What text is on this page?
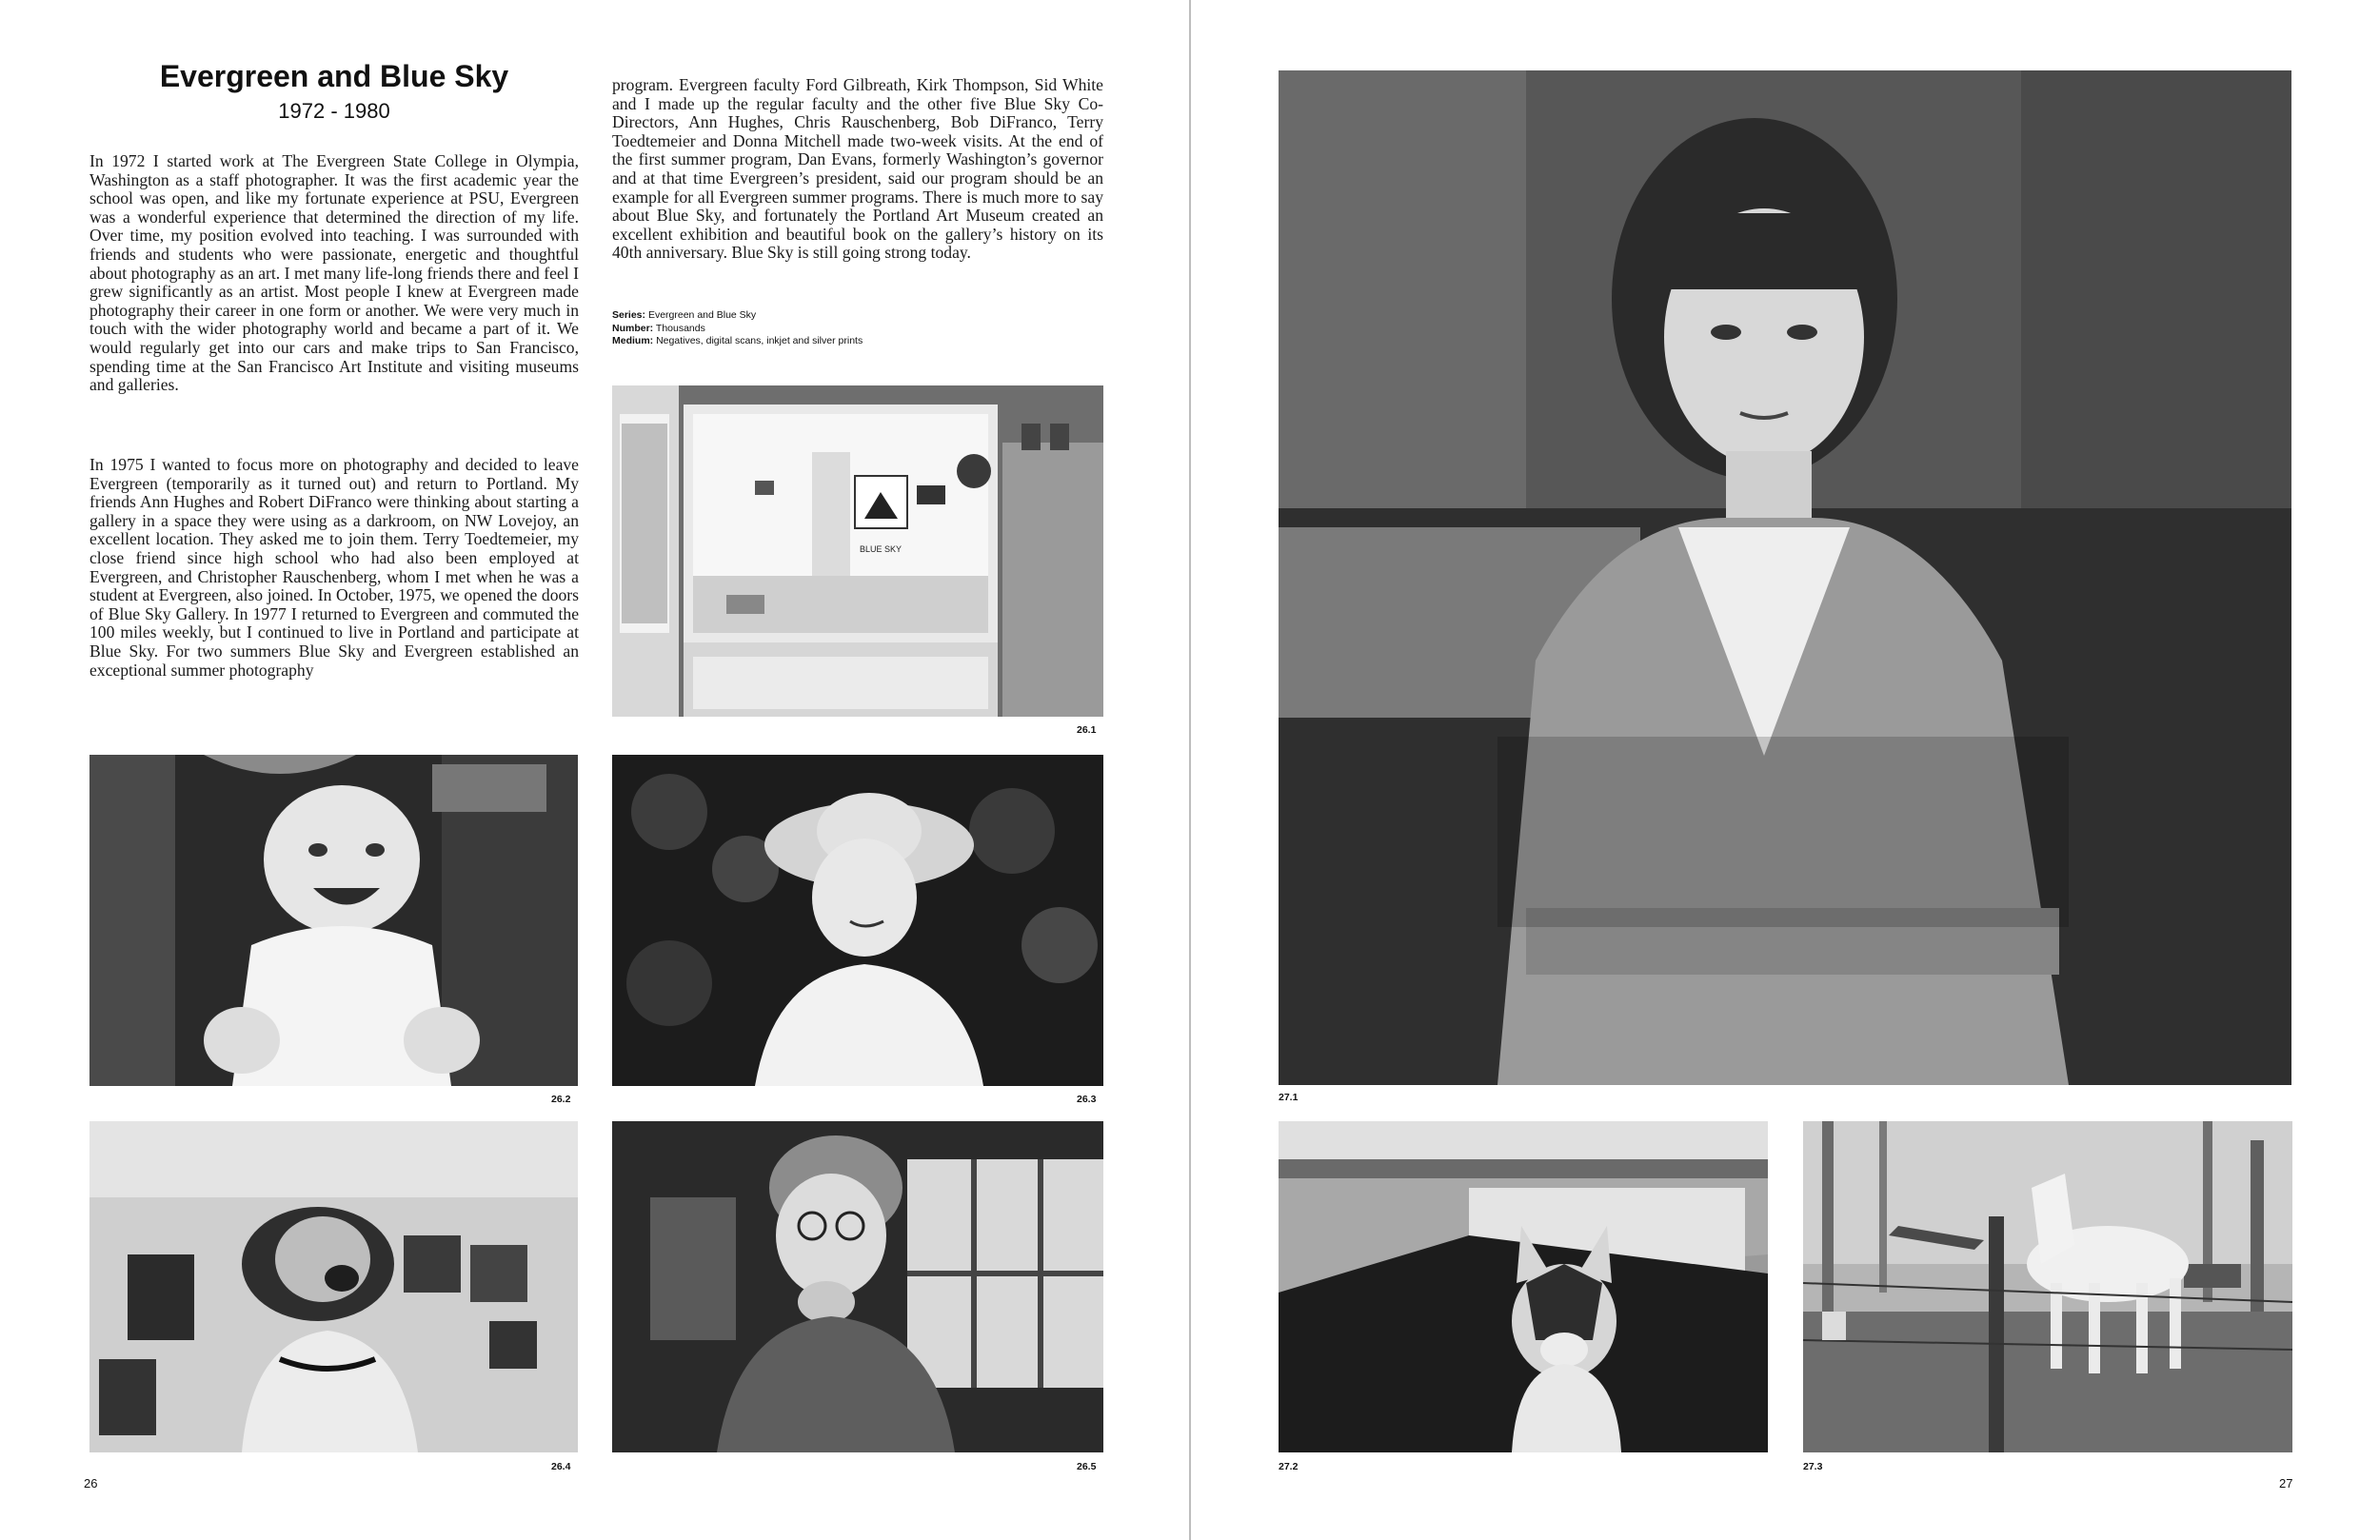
Evergreen and Blue Sky
1972 - 1980

In 1972 I started work at The Evergreen State College in Olympia, Washington as a staff photographer. It was the first academic year the school was open, and like my fortunate experience at PSU, Evergreen was a wonderful experience that determined the direction of my life. Over time, my position evolved into teaching. I was surrounded with friends and students who were passionate, energetic and thoughtful about photography as an art. I met many life-long friends there and feel I grew significantly as an artist. Most people I knew at Evergreen made photography their career in one form or another. We were very much in touch with the wider photography world and became a part of it. We would regularly get into our cars and make trips to San Francisco, spending time at the San Francisco Art Institute and visiting museums and galleries.

In 1975 I wanted to focus more on photography and decided to leave Evergreen (temporarily as it turned out) and return to Portland. My friends Ann Hughes and Robert DiFranco were thinking about starting a gallery in a space they were using as a darkroom, on NW Lovejoy, an excellent location. They asked me to join them. Terry Toedtemeier, my close friend since high school who had also been employed at Evergreen, and Christopher Rauschenberg, whom I met when he was a student at Evergreen, also joined. In October, 1975, we opened the doors of Blue Sky Gallery. In 1977 I returned to Evergreen and commuted the 100 miles weekly, but I continued to live in Portland and participate at Blue Sky. For two summers Blue Sky and Evergreen established an exceptional summer photography

program. Evergreen faculty Ford Gilbreath, Kirk Thompson, Sid White and I made up the regular faculty and the other five Blue Sky Co-Directors, Ann Hughes, Chris Rauschenberg, Bob DiFranco, Terry Toedtemeier and Donna Mitchell made two-week visits. At the end of the first summer program, Dan Evans, formerly Washington’s governor and at that time Evergreen’s president, said our program should be an example for all Evergreen summer programs. There is much more to say about Blue Sky, and fortunately the Portland Art Museum created an excellent exhibition and beautiful book on the gallery’s history on its 40th anniversary. Blue Sky is still going strong today.

Series: Evergreen and Blue Sky
Number: Thousands
Medium: Negatives, digital scans, inkjet and silver prints
BLUE SKY
26.1
26.2	26.3
26.4	26.5
26
27.1
27.2	27.3
27
